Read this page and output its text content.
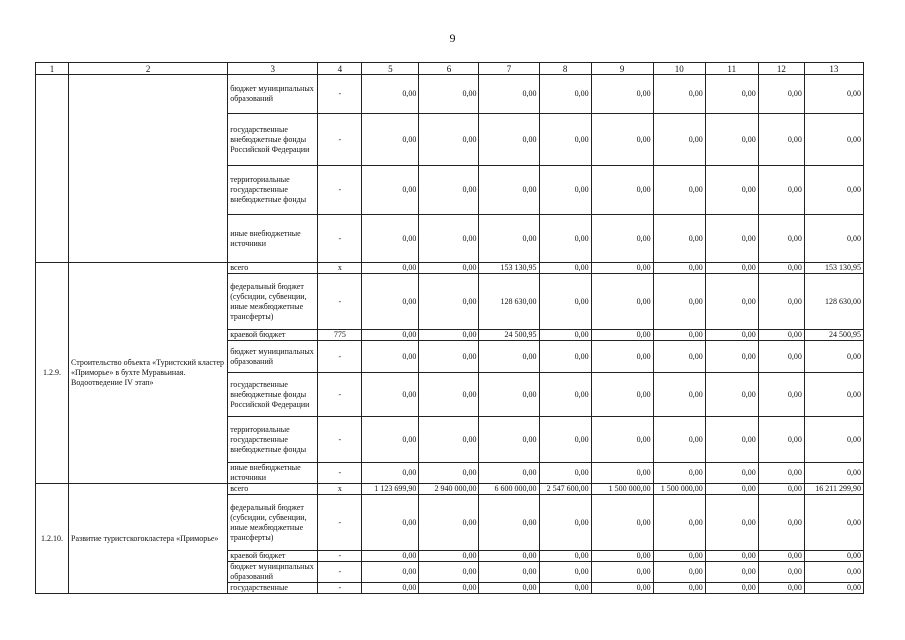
9
1	2	3	4	5	6	7	8	9	10	11	12	13
		бюджет муниципальных образований	-	0,00	0,00	0,00	0,00	0,00	0,00	0,00	0,00	0,00
		государственные внебюджетные фонды Российской Федерации	-	0,00	0,00	0,00	0,00	0,00	0,00	0,00	0,00	0,00
		территориальные государственные внебюджетные фонды	-	0,00	0,00	0,00	0,00	0,00	0,00	0,00	0,00	0,00
		иные внебюджетные источники	-	0,00	0,00	0,00	0,00	0,00	0,00	0,00	0,00	0,00
1.2.9.	Строительство объекта «Туристский кластер «Приморье» в бухте Муравьиная. Водоотведение IV этап»	всего	x	0,00	0,00	153 130,95	0,00	0,00	0,00	0,00	0,00	153 130,95
		федеральный бюджет (субсидии, субвенции, иные межбюджетные трансферты)	-	0,00	0,00	128 630,00	0,00	0,00	0,00	0,00	0,00	128 630,00
		краевой бюджет	775	0,00	0,00	24 500,95	0,00	0,00	0,00	0,00	0,00	24 500,95
		бюджет муниципальных образований	-	0,00	0,00	0,00	0,00	0,00	0,00	0,00	0,00	0,00
		государственные внебюджетные фонды Российской Федерации	-	0,00	0,00	0,00	0,00	0,00	0,00	0,00	0,00	0,00
		территориальные государственные внебюджетные фонды	-	0,00	0,00	0,00	0,00	0,00	0,00	0,00	0,00	0,00
		иные внебюджетные источники	-	0,00	0,00	0,00	0,00	0,00	0,00	0,00	0,00	0,00
1.2.10.	Развитие туристскогокластера «Приморье»	всего	x	1 123 699,90	2 940 000,00	6 600 000,00	2 547 600,00	1 500 000,00	1 500 000,00	0,00	0,00	16 211 299,90
		федеральный бюджет (субсидии, субвенции, иные межбюджетные трансферты)	-	0,00	0,00	0,00	0,00	0,00	0,00	0,00	0,00	0,00
		краевой бюджет	-	0,00	0,00	0,00	0,00	0,00	0,00	0,00	0,00	0,00
		бюджет муниципальных образований	-	0,00	0,00	0,00	0,00	0,00	0,00	0,00	0,00	0,00
		государственные	-	0,00	0,00	0,00	0,00	0,00	0,00	0,00	0,00	0,00
